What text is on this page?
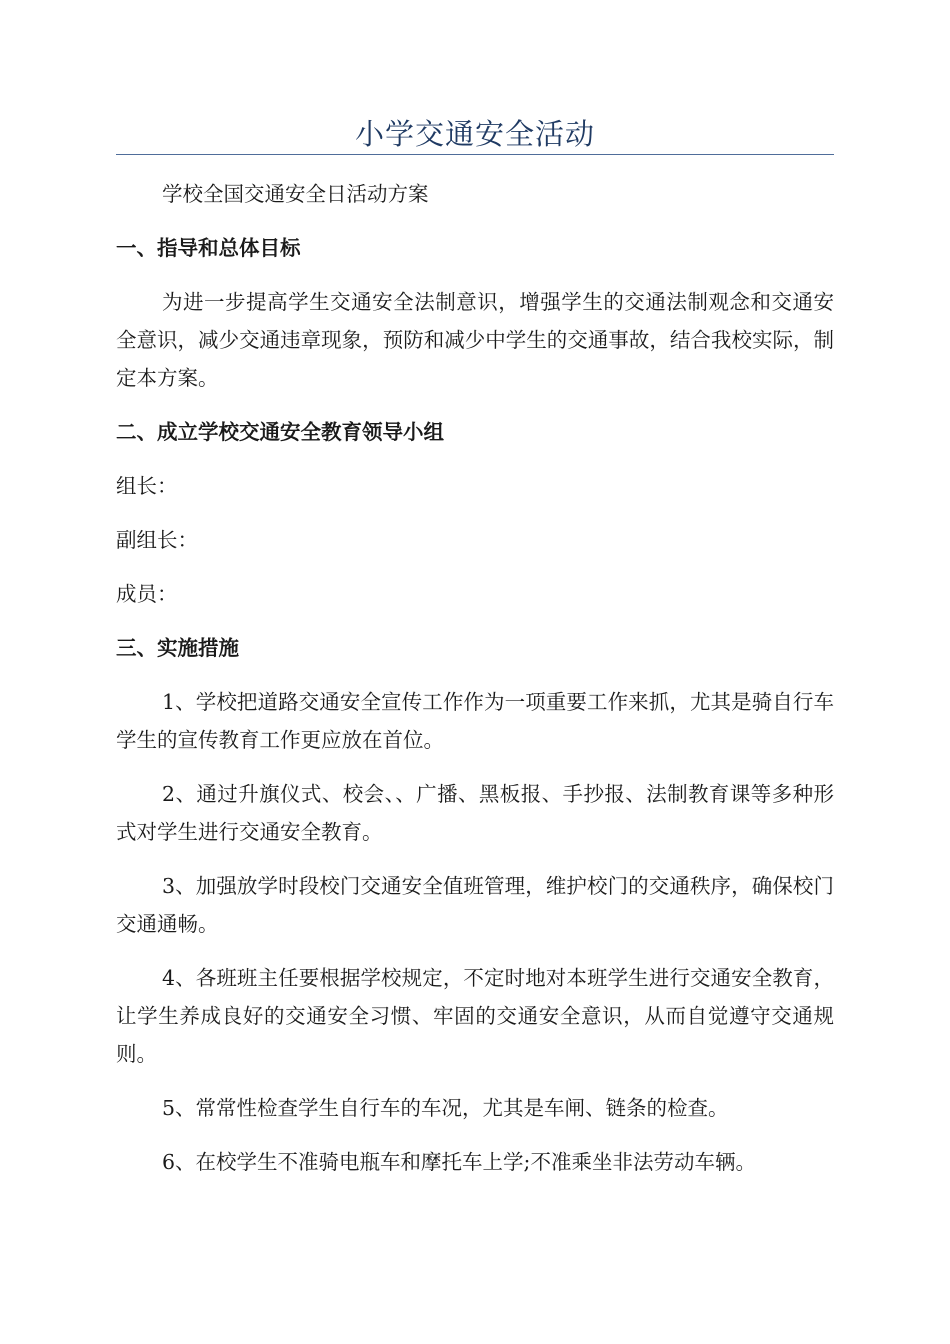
小学交通安全活动

学校全国交通安全日活动方案

一、指导和总体目标

为进一步提高学生交通安全法制意识，增强学生的交通法制观念和交通安全意识，减少交通违章现象，预防和减少中学生的交通事故，结合我校实际，制定本方案。

二、成立学校交通安全教育领导小组

组长：

副组长：

成员：

三、实施措施

1、学校把道路交通安全宣传工作作为一项重要工作来抓，尤其是骑自行车学生的宣传教育工作更应放在首位。

2、通过升旗仪式、校会、、广播、黑板报、手抄报、法制教育课等多种形式对学生进行交通安全教育。

3、加强放学时段校门交通安全值班管理，维护校门的交通秩序，确保校门交通通畅。

4、各班班主任要根据学校规定，不定时地对本班学生进行交通安全教育，让学生养成良好的交通安全习惯、牢固的交通安全意识，从而自觉遵守交通规则。

5、常常性检查学生自行车的车况，尤其是车闸、链条的检查。

6、在校学生不准骑电瓶车和摩托车上学;不准乘坐非法劳动车辆。
